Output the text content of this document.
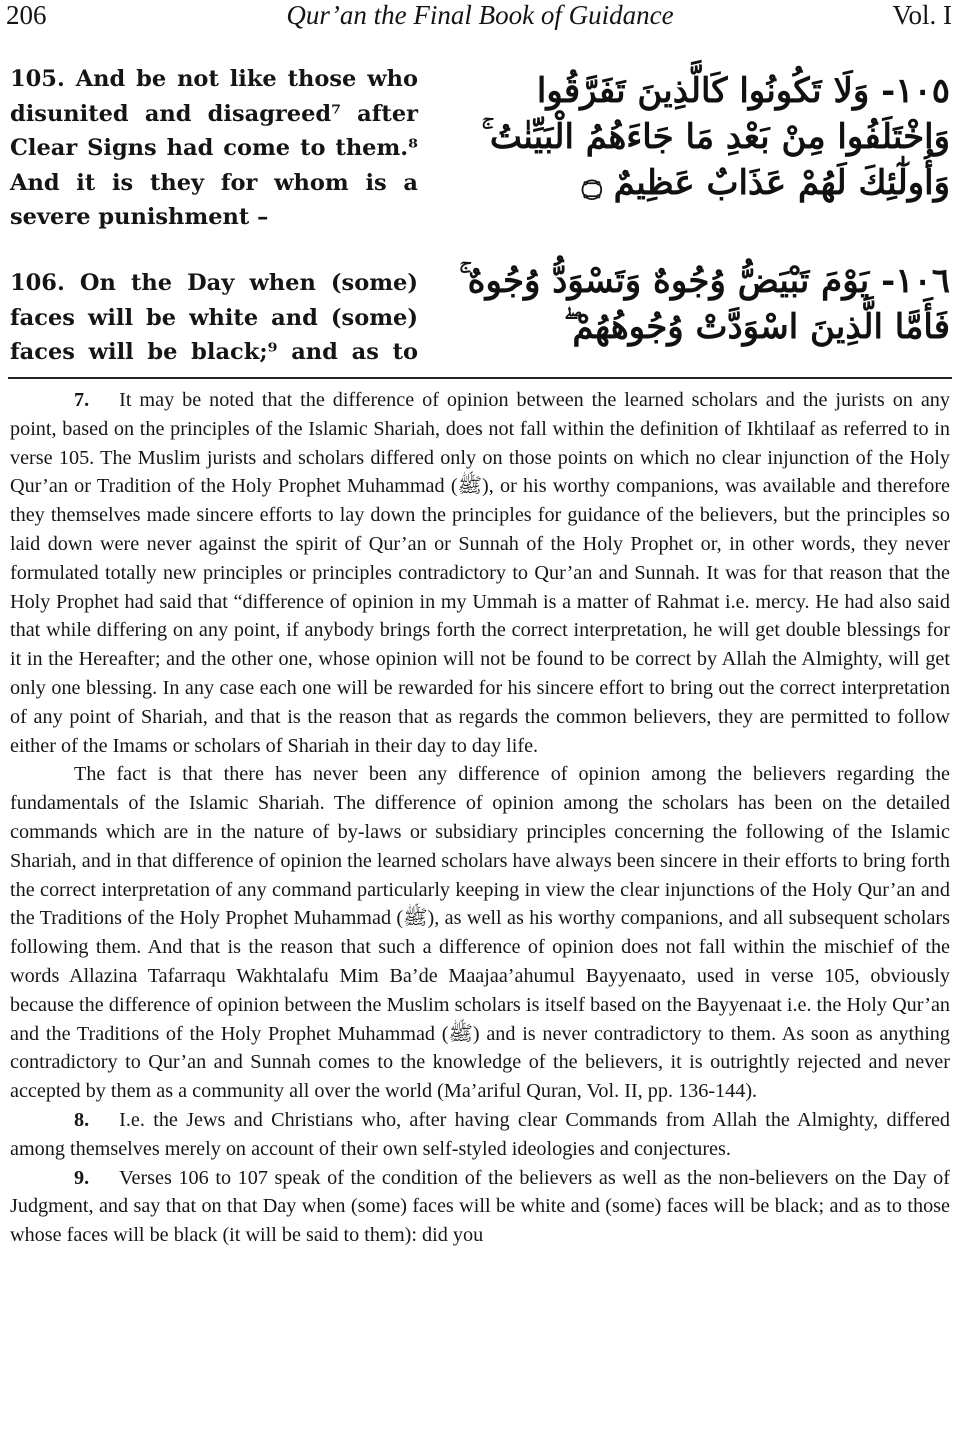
206	Qur’an the Final Book of Guidance	Vol. I
105. And be not like those who
disunited and disagreed⁷ after
Clear Signs had come to them.⁸
And it is they for whom is a
severe punishment –
١٠٥- وَلَا تَكُونُوا كَالَّذِينَ تَفَرَّقُوا
وَاخْتَلَفُوا مِنْ بَعْدِ مَا جَاءَهُمُ الْبَيِّنٰتُ ۚ
وَأُولٰٓئِكَ لَهُمْ عَذَابٌ عَظِيمٌ ۝
106. On the Day when (some)
faces will be white and (some)
faces will be black;⁹ and as to
١٠٦- يَوْمَ تَبْيَضُّ وُجُوهٌ وَتَسْوَدُّ وُجُوهٌ ۚ
فَأَمَّا الَّذِينَ اسْوَدَّتْ وُجُوهُهُمْ ۖ

7. It may be noted that the difference of opinion between the learned scholars and the jurists on any point, based on the principles of the Islamic Shariah, does not fall within the definition of Ikhtilaaf as referred to in verse 105. The Muslim jurists and scholars differed only on those points on which no clear injunction of the Holy Qur’an or Tradition of the Holy Prophet Muhammad (ﷺ), or his worthy companions, was available and therefore they themselves made sincere efforts to lay down the principles for guidance of the believers, but the principles so laid down were never against the spirit of Qur’an or Sunnah of the Holy Prophet or, in other words, they never formulated totally new principles or principles contradictory to Qur’an and Sunnah. It was for that reason that the Holy Prophet had said that “difference of opinion in my Ummah is a matter of Rahmat i.e. mercy. He had also said that while differing on any point, if anybody brings forth the correct interpretation, he will get double blessings for it in the Hereafter; and the other one, whose opinion will not be found to be correct by Allah the Almighty, will get only one blessing. In any case each one will be rewarded for his sincere effort to bring out the correct interpretation of any point of Shariah, and that is the reason that as regards the common believers, they are permitted to follow either of the Imams or scholars of Shariah in their day to day life.

The fact is that there has never been any difference of opinion among the believers regarding the fundamentals of the Islamic Shariah. The difference of opinion among the scholars has been on the detailed commands which are in the nature of by-laws or subsidiary principles concerning the following of the Islamic Shariah, and in that difference of opinion the learned scholars have always been sincere in their efforts to bring forth the correct interpretation of any command particularly keeping in view the clear injunctions of the Holy Qur’an and the Traditions of the Holy Prophet Muhammad (ﷺ), as well as his worthy companions, and all subsequent scholars following them. And that is the reason that such a difference of opinion does not fall within the mischief of the words Allazina Tafarraqu Wakhtalafu Mim Ba’de Maajaa’ahumul Bayyenaato, used in verse 105, obviously because the difference of opinion between the Muslim scholars is itself based on the Bayyenaat i.e. the Holy Qur’an and the Traditions of the Holy Prophet Muhammad (ﷺ) and is never contradictory to them. As soon as anything contradictory to Qur’an and Sunnah comes to the knowledge of the believers, it is outrightly rejected and never accepted by them as a community all over the world (Ma’ariful Quran, Vol. II, pp. 136-144).

8. I.e. the Jews and Christians who, after having clear Commands from Allah the Almighty, differed among themselves merely on account of their own self-styled ideologies and conjectures.

9. Verses 106 to 107 speak of the condition of the believers as well as the non-believers on the Day of Judgment, and say that on that Day when (some) faces will be white and (some) faces will be black; and as to those whose faces will be black (it will be said to them): did you
